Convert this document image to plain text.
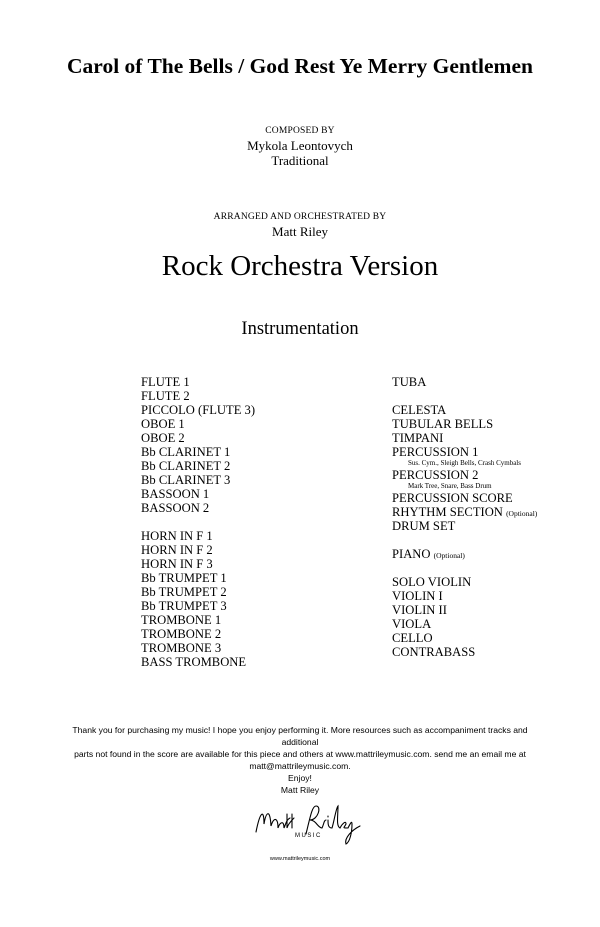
Carol of The Bells / God Rest Ye Merry Gentlemen
COMPOSED BY
Mykola Leontovych
Traditional
ARRANGED AND ORCHESTRATED BY
Matt Riley
Rock Orchestra Version
Instrumentation
FLUTE 1
FLUTE 2
PICCOLO (FLUTE 3)
OBOE 1
OBOE 2
Bb CLARINET 1
Bb CLARINET 2
Bb CLARINET 3
BASSOON 1
BASSOON 2
HORN IN F 1
HORN IN F 2
HORN IN F 3
Bb TRUMPET 1
Bb TRUMPET 2
Bb TRUMPET 3
TROMBONE 1
TROMBONE 2
TROMBONE 3
BASS TROMBONE
TUBA
CELESTA
TUBULAR BELLS
TIMPANI
PERCUSSION 1
Sus. Cym., Sleigh Bells, Crash Cymbals
PERCUSSION 2
Mark Tree, Snare, Bass Drum
PERCUSSION SCORE
RHYTHM SECTION (Optional)
DRUM SET
PIANO (Optional)
SOLO VIOLIN
VIOLIN I
VIOLIN II
VIOLA
CELLO
CONTRABASS
Thank you for purchasing my music! I hope you enjoy performing it. More resources such as accompaniment tracks and additional
parts not found in the score are available for this piece and others at www.mattrileymusic.com. send me an email me at
matt@mattrileymusic.com.
Enjoy!
Matt Riley
MUSIC
www.mattrileymusic.com
